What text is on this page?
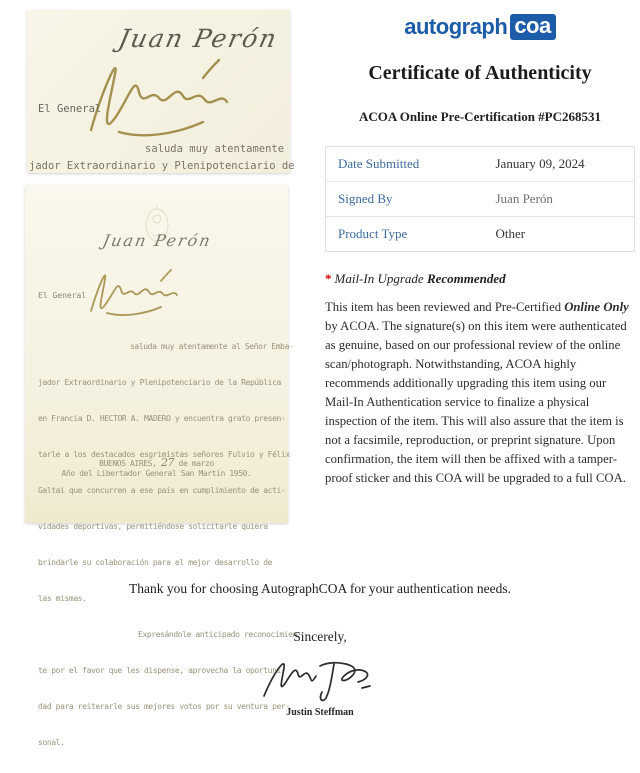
Juan Perón
El General
saluda muy atentamente
jador Extraordinario y Plenipotenciario de
Juan Perón
El General

saluda muy atentamente al Señor Emba-

jador Extraordinario y Plenipotenciario de la República

en Francia D. HECTOR A. MADERO y encuentra grato presen-

tarle a los destacados esgrimistas señores Fulvio y Félix

Galtai que concurren a ese país en cumplimiento de acti-

vidades deportivas, permitiéndose solicitarle quiera

brindarle su colaboración para el mejor desarrollo de

las mismas.

Expresándole anticipado reconocimien-

te por el favor que les dispense, aprovecha la oportuni-

dad para reiterarle sus mejores votos por su ventura per-

sonal.

BUENOS AIRES, 27 de marzo
Año del Libertador General San Martín 1950.
autograph coa
Certificate of Authenticity
ACOA Online Pre-Certification #PC268531
Date Submitted	January 09, 2024
Signed By	Juan Perón
Product Type	Other
* Mail-In Upgrade Recommended
This item has been reviewed and Pre-Certified Online Only by ACOA. The signature(s) on this item were authenticated as genuine, based on our professional review of the online scan/photograph. Notwithstanding, ACOA highly recommends additionally upgrading this item using our Mail-In Authentication service to finalize a physical inspection of the item. This will also assure that the item is not a facsimile, reproduction, or preprint signature. Upon confirmation, the item will then be affixed with a tamper-proof sticker and this COA will be upgraded to a full COA.
Thank you for choosing AutographCOA for your authentication needs.
Sincerely,
Justin Steffman
